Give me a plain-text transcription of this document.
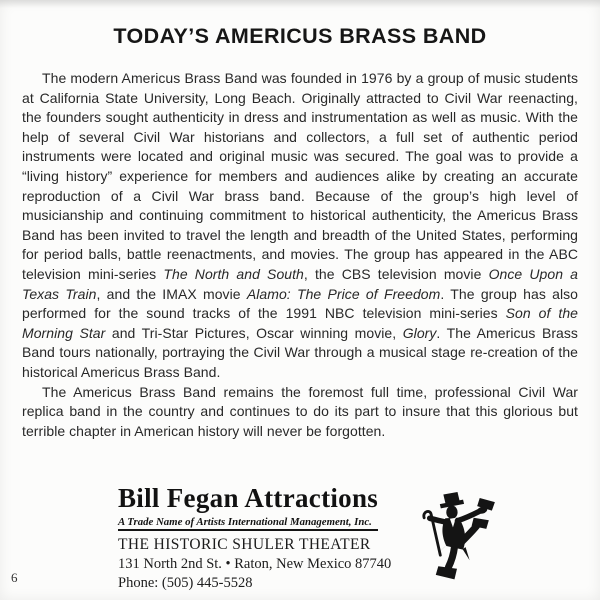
TODAY’S AMERICUS BRASS BAND

The modern Americus Brass Band was founded in 1976 by a group of music students at California State University, Long Beach. Originally attracted to Civil War reenacting, the founders sought authenticity in dress and instrumentation as well as music. With the help of several Civil War historians and collectors, a full set of authentic period instruments were located and original music was secured. The goal was to provide a “living history” experience for members and audiences alike by creating an accurate reproduction of a Civil War brass band. Because of the group’s high level of musicianship and continuing commitment to historical authenticity, the Americus Brass Band has been invited to travel the length and breadth of the United States, performing for period balls, battle reenactments, and movies. The group has appeared in the ABC television mini-series The North and South, the CBS television movie Once Upon a Texas Train, and the IMAX movie Alamo: The Price of Freedom. The group has also performed for the sound tracks of the 1991 NBC television mini-series Son of the Morning Star and Tri-Star Pictures, Oscar winning movie, Glory. The Americus Brass Band tours nationally, portraying the Civil War through a musical stage re-creation of the historical Americus Brass Band.

The Americus Brass Band remains the foremost full time, professional Civil War replica band in the country and continues to do its part to insure that this glorious but terrible chapter in American history will never be forgotten.

Bill Fegan Attractions
A Trade Name of Artists International Management, Inc.
THE HISTORIC SHULER THEATER
131 North 2nd St. • Raton, New Mexico 87740
Phone: (505) 445-5528
6
